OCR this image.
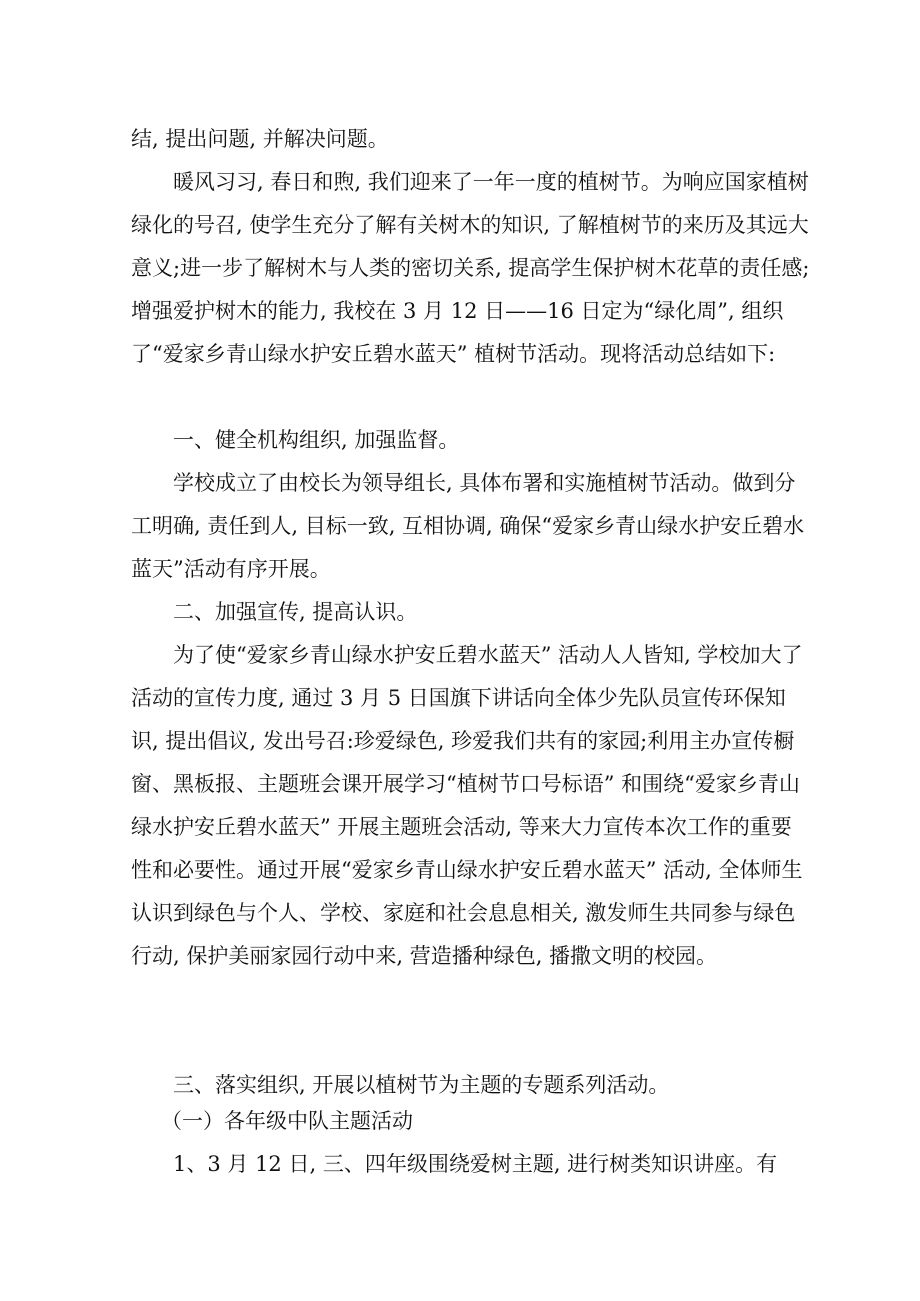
结, 提出问题, 并解决问题。

暖风习习, 春日和煦, 我们迎来了一年一度的植树节。为响应国家植树绿化的号召, 使学生充分了解有关树木的知识, 了解植树节的来历及其远大意义;进一步了解树木与人类的密切关系, 提高学生保护树木花草的责任感;增强爱护树木的能力, 我校在 3 月 12 日——16 日定为“绿化周”, 组织了“爱家乡青山绿水护安丘碧水蓝天” 植树节活动。现将活动总结如下:

一、健全机构组织, 加强监督。

学校成立了由校长为领导组长, 具体布署和实施植树节活动。做到分工明确, 责任到人, 目标一致, 互相协调, 确保“爱家乡青山绿水护安丘碧水蓝天”活动有序开展。

二、加强宣传, 提高认识。

为了使“爱家乡青山绿水护安丘碧水蓝天” 活动人人皆知, 学校加大了活动的宣传力度, 通过 3 月 5 日国旗下讲话向全体少先队员宣传环保知识, 提出倡议, 发出号召:珍爱绿色, 珍爱我们共有的家园;利用主办宣传橱窗、黑板报、主题班会课开展学习“植树节口号标语” 和围绕“爱家乡青山绿水护安丘碧水蓝天” 开展主题班会活动, 等来大力宣传本次工作的重要性和必要性。通过开展“爱家乡青山绿水护安丘碧水蓝天” 活动, 全体师生认识到绿色与个人、学校、家庭和社会息息相关, 激发师生共同参与绿色行动, 保护美丽家园行动中来, 营造播种绿色, 播撒文明的校园。

三、落实组织, 开展以植树节为主题的专题系列活动。

（一）各年级中队主题活动

1、3 月 12 日, 三、四年级围绕爱树主题, 进行树类知识讲座。有
